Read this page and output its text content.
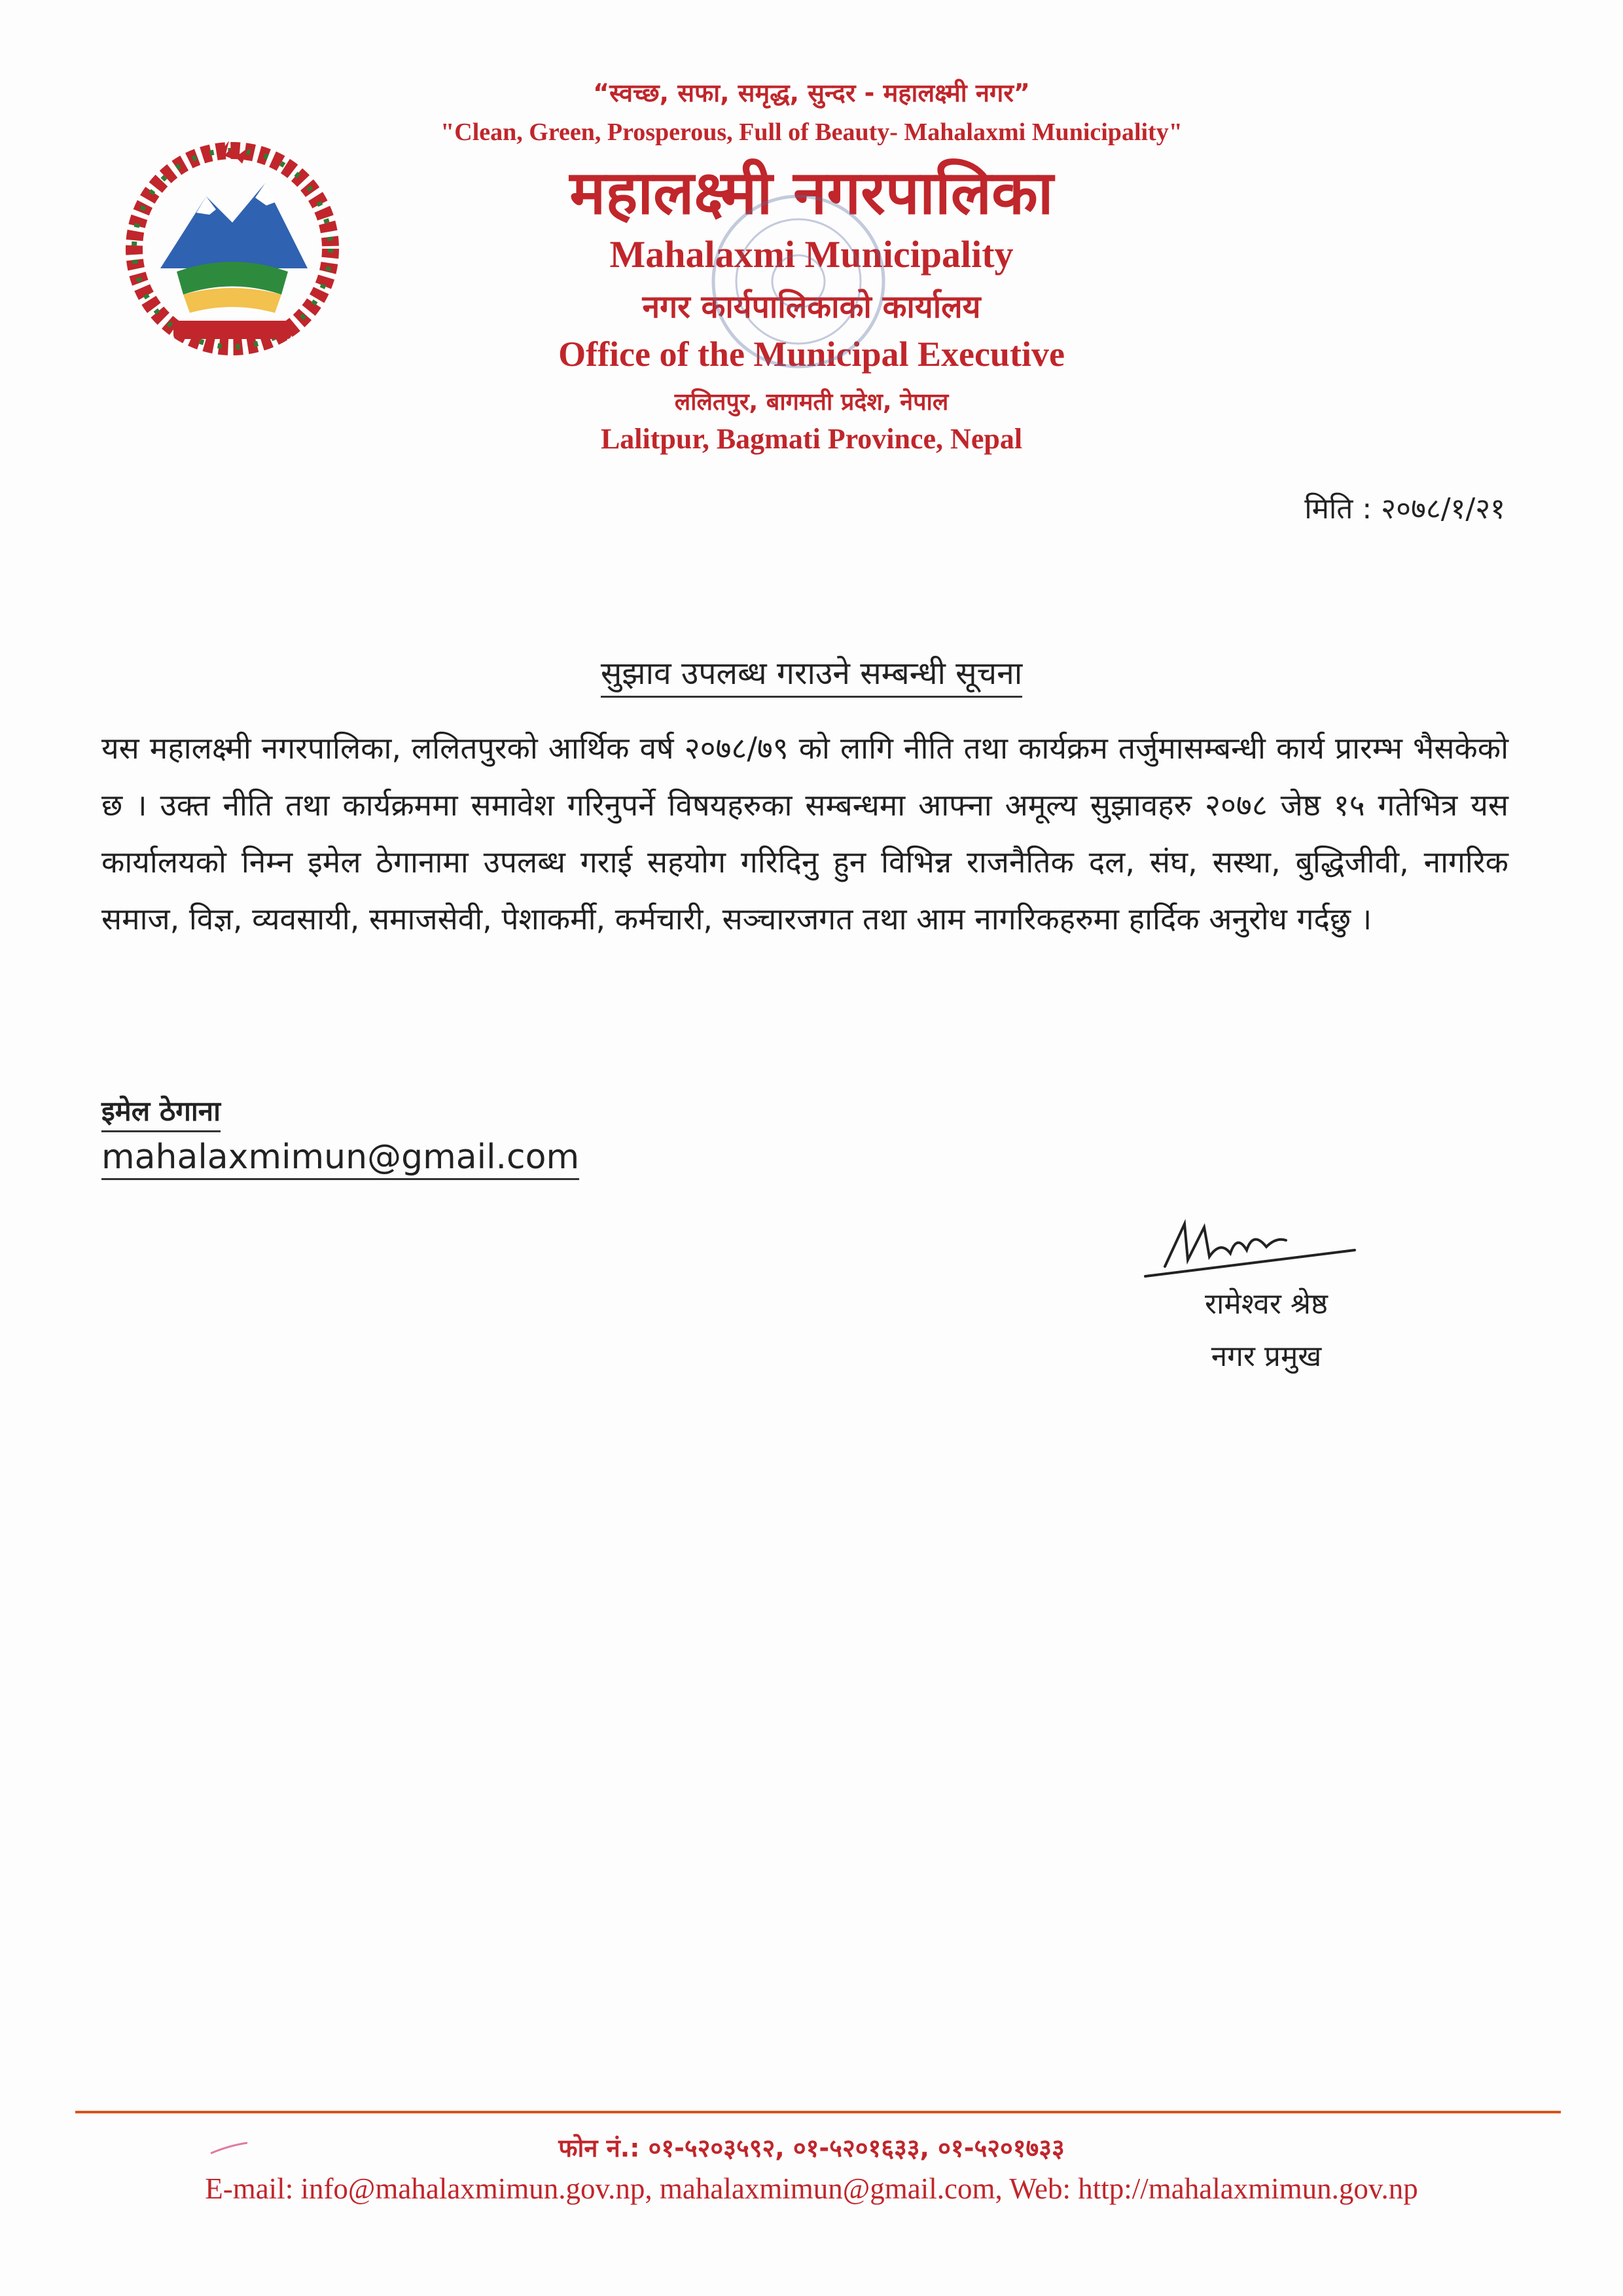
“स्वच्छ, सफा, समृद्ध, सुन्दर - महालक्ष्मी नगर”
"Clean, Green, Prosperous, Full of Beauty- Mahalaxmi Municipality"
महालक्ष्मी नगरपालिका
Mahalaxmi Municipality
नगर कार्यपालिकाको कार्यालय
Office of the Municipal Executive
ललितपुर, बागमती प्रदेश, नेपाल
Lalitpur, Bagmati Province, Nepal
मिति : २०७८/१/२१
सुझाव उपलब्ध गराउने सम्बन्धी सूचना
यस महालक्ष्मी नगरपालिका, ललितपुरको आर्थिक वर्ष २०७८/७९ को लागि नीति तथा कार्यक्रम तर्जुमासम्बन्धी कार्य प्रारम्भ भैसकेको छ । उक्त नीति तथा कार्यक्रममा समावेश गरिनुपर्ने विषयहरुका सम्बन्धमा आफ्ना अमूल्य सुझावहरु २०७८ जेष्ठ १५ गतेभित्र यस कार्यालयको निम्न इमेल ठेगानामा उपलब्ध गराई सहयोग गरिदिनु हुन विभिन्न राजनैतिक दल, संघ, सस्था, बुद्धिजीवी, नागरिक समाज, विज्ञ, व्यवसायी, समाजसेवी, पेशाकर्मी, कर्मचारी, सञ्चारजगत तथा आम नागरिकहरुमा हार्दिक अनुरोध गर्दछु ।
इमेल ठेगाना
mahalaxmimun@gmail.com
रामेश्वर श्रेष्ठ
नगर प्रमुख
फोन नं.: ०१-५२०३५९२, ०१-५२०१६३३, ०१-५२०१७३३
E-mail: info@mahalaxmimun.gov.np, mahalaxmimun@gmail.com, Web: http://mahalaxmimun.gov.np
